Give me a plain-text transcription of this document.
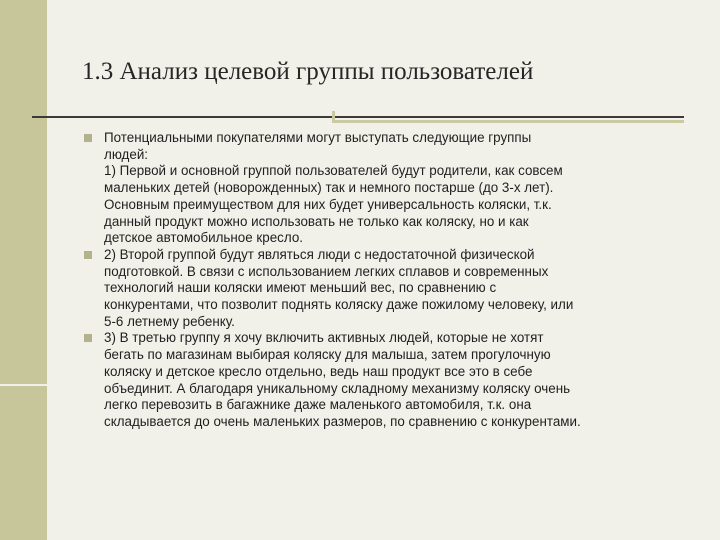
1.3 Анализ целевой группы пользователей
Потенциальными покупателями могут выступать следующие группы
людей:
1) Первой и основной группой пользователей будут родители, как совсем
маленьких детей (новорожденных) так и немного постарше (до 3-х лет).
Основным преимуществом для них будет универсальность коляски, т.к.
данный продукт можно использовать не только как коляску, но и как
детское автомобильное кресло.
2) Второй группой будут являться люди с недостаточной физической
подготовкой. В связи с использованием легких сплавов и современных
технологий наши коляски имеют меньший вес, по сравнению с
конкурентами, что позволит поднять коляску даже пожилому человеку, или
5-6 летнему ребенку.
3) В третью группу я хочу включить активных людей, которые не хотят
бегать по магазинам выбирая коляску для малыша, затем прогулочную
коляску и детское кресло отдельно, ведь наш продукт все это в себе
объединит. А благодаря уникальному складному механизму коляску очень
легко перевозить в багажнике даже маленького автомобиля, т.к. она
складывается до очень маленьких размеров, по сравнению с конкурентами.
